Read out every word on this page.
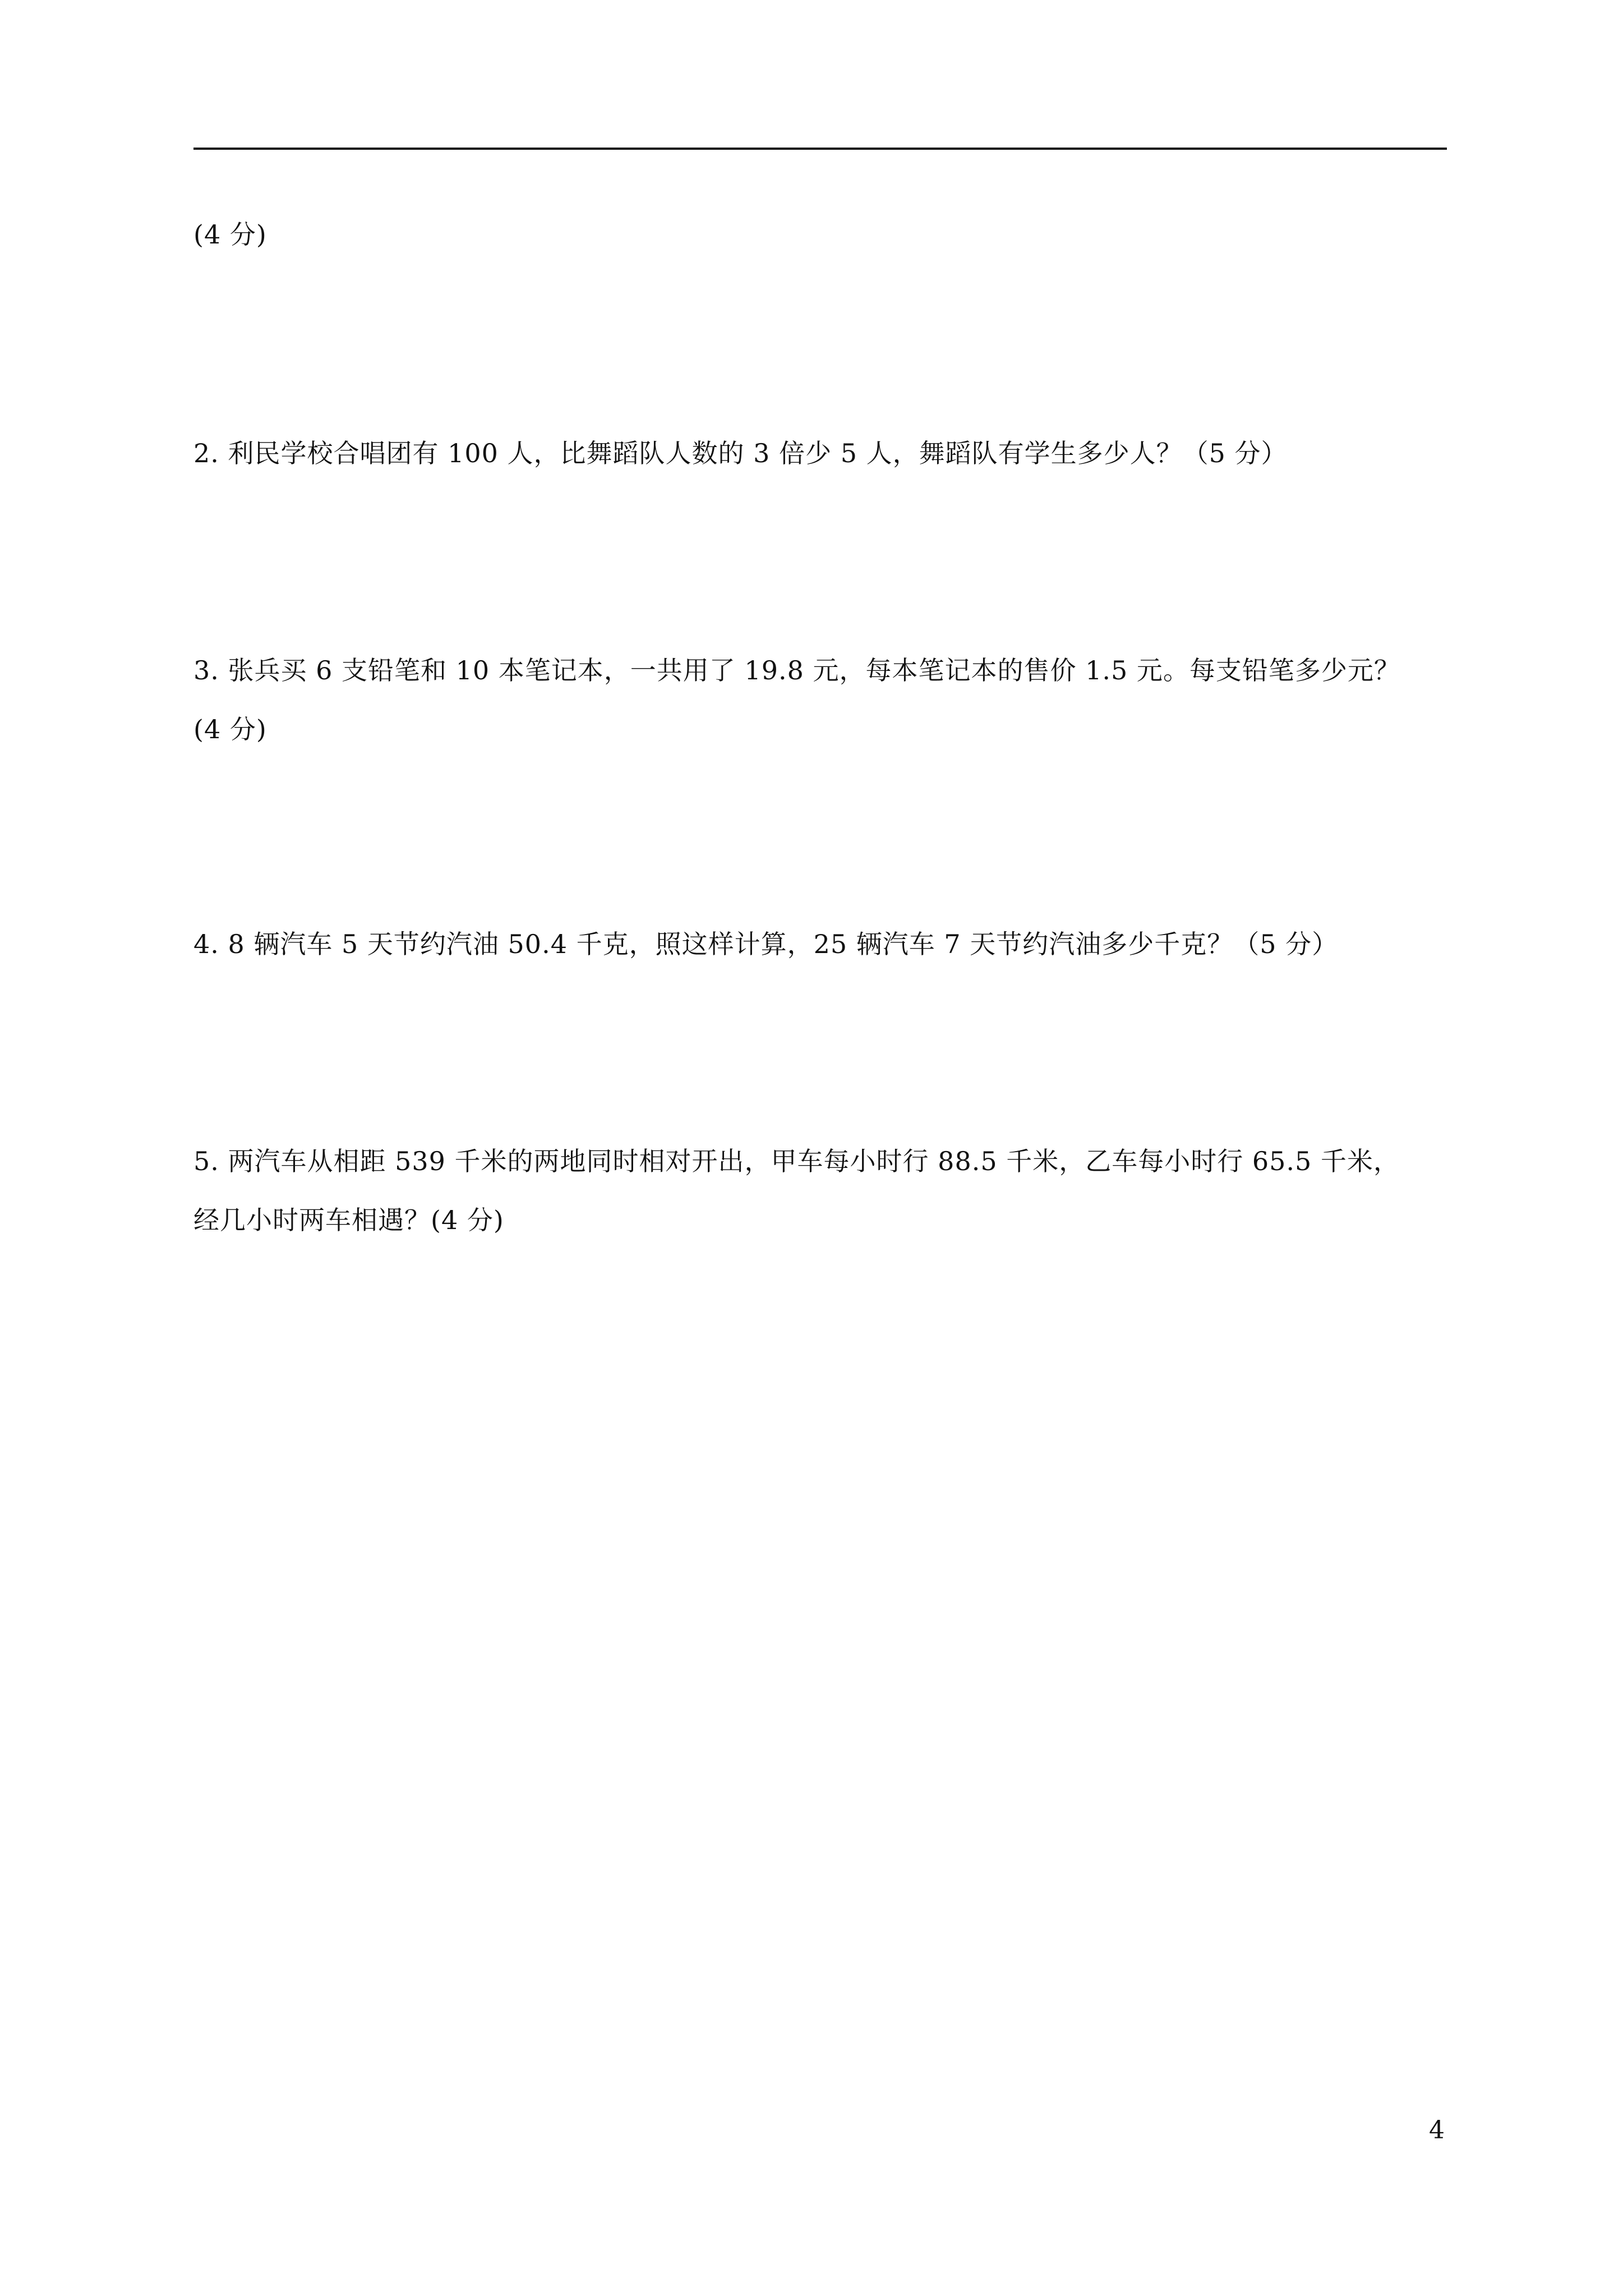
(4 分)
2. 利民学校合唱团有 100 人，比舞蹈队人数的 3 倍少 5 人，舞蹈队有学生多少人？（5 分）
3. 张兵买 6 支铅笔和 10 本笔记本，一共用了 19.8 元，每本笔记本的售价 1.5 元。每支铅笔多少元？
(4 分)
4. 8 辆汽车 5 天节约汽油 50.4 千克，照这样计算，25 辆汽车 7 天节约汽油多少千克？（5 分）
5. 两汽车从相距 539 千米的两地同时相对开出，甲车每小时行 88.5 千米，乙车每小时行 65.5 千米，
经几小时两车相遇？(4 分)
4
